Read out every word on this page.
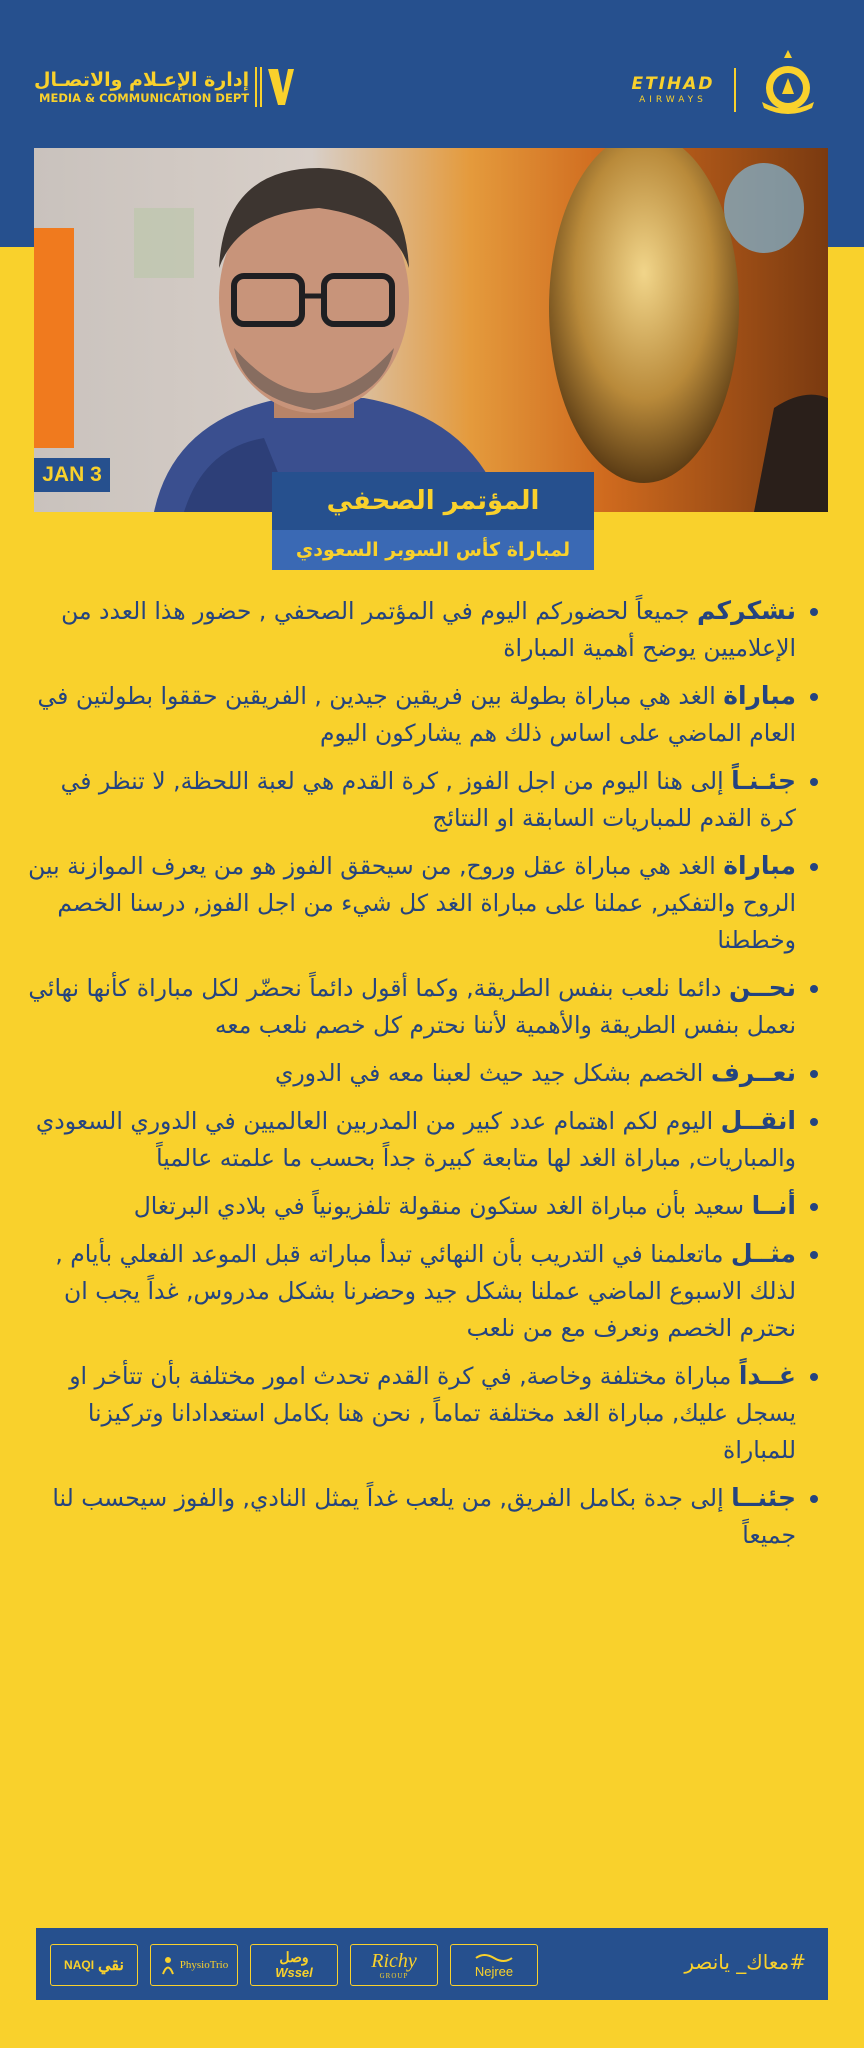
إدارة الإعـلام والاتصـال
MEDIA & COMMUNICATION DEPT
ETIHAD
AIRWAYS
JAN 3
المؤتمر الصحفي
لمباراة كأس السوبر السعودي
نشكركم جميعاً لحضوركم اليوم في المؤتمر الصحفي , حضور هذا العدد من الإعلاميين يوضح أهمية المباراة
مباراة الغد هي مباراة بطولة بين فريقين جيدين , الفريقين حققوا بطولتين في العام الماضي على اساس ذلك هم يشاركون اليوم
جئـنـاً إلى هنا اليوم من اجل الفوز , كرة القدم هي لعبة اللحظة, لا تنظر في كرة القدم للمباريات السابقة او النتائج
مباراة الغد هي مباراة عقل وروح, من سيحقق الفوز هو من يعرف الموازنة بين الروح والتفكير, عملنا على مباراة الغد كل شيء من اجل الفوز, درسنا الخصم وخططنا
نحــن دائما نلعب بنفس الطريقة, وكما أقول دائماً نحضّر لكل مباراة كأنها نهائي نعمل بنفس الطريقة والأهمية لأننا نحترم كل خصم نلعب معه
نعــرف الخصم بشكل جيد حيث لعبنا معه في الدوري
انقــل اليوم لكم اهتمام عدد كبير من المدربين العالميين في الدوري السعودي والمباريات, مباراة الغد لها متابعة كبيرة جداً بحسب ما علمته عالمياً
أنــا سعيد بأن مباراة الغد ستكون منقولة تلفزيونياً في بلادي البرتغال
مثــل ماتعلمنا في التدريب بأن النهائي تبدأ مباراته قبل الموعد الفعلي بأيام , لذلك الاسبوع الماضي عملنا بشكل جيد وحضرنا بشكل مدروس, غداً يجب ان نحترم الخصم ونعرف مع من نلعب
غــداً مباراة مختلفة وخاصة, في كرة القدم تحدث امور مختلفة بأن تتأخر او يسجل عليك, مباراة الغد مختلفة تماماً , نحن هنا بكامل استعدادانا وتركيزنا للمباراة
جئنــا إلى جدة بكامل الفريق, من يلعب غداً يمثل النادي, والفوز سيحسب لنا جميعاً
NAQI نقي	PhysioTrio	وصل
Wssel	Richy
GROUP	Nejree	#معاك_ يانصر
